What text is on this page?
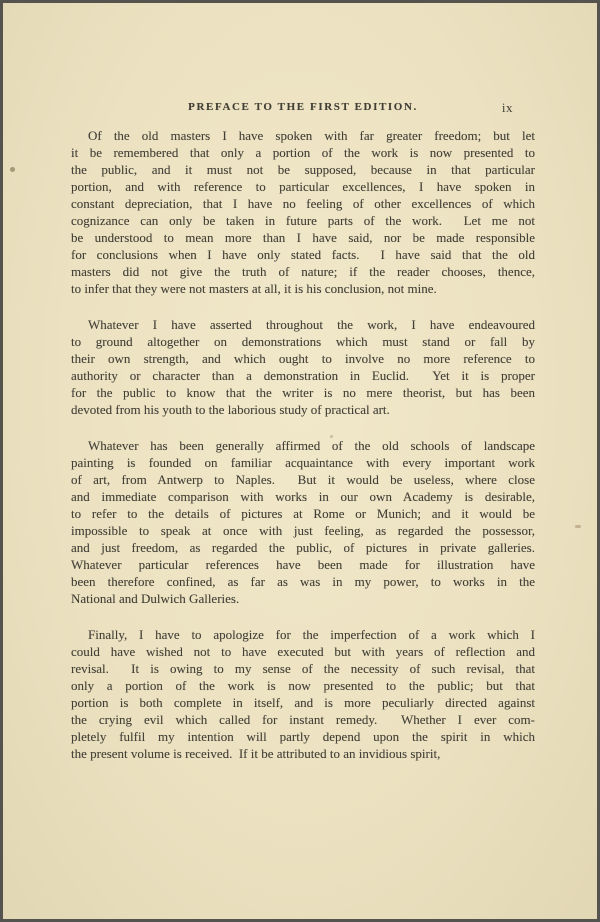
PREFACE TO THE FIRST EDITION.	ix

Of the old masters I have spoken with far greater freedom; but let
it be remembered that only a portion of the work is now presented to
the public, and it must not be supposed, because in that particular
portion, and with reference to particular excellences, I have spoken in
constant depreciation, that I have no feeling of other excellences of which
cognizance can only be taken in future parts of the work.  Let me not
be understood to mean more than I have said, nor be made responsible
for conclusions when I have only stated facts.  I have said that the old
masters did not give the truth of nature; if the reader chooses, thence,
to infer that they were not masters at all, it is his conclusion, not mine.

Whatever I have asserted throughout the work, I have endeavoured
to ground altogether on demonstrations which must stand or fall by
their own strength, and which ought to involve no more reference to
authority or character than a demonstration in Euclid.  Yet it is proper
for the public to know that the writer is no mere theorist, but has been
devoted from his youth to the laborious study of practical art.

Whatever has been generally affirmed of the old schools of landscape
painting is founded on familiar acquaintance with every important work
of art, from Antwerp to Naples.  But it would be useless, where close
and immediate comparison with works in our own Academy is desirable,
to refer to the details of pictures at Rome or Munich; and it would be
impossible to speak at once with just feeling, as regarded the possessor,
and just freedom, as regarded the public, of pictures in private galleries.
Whatever particular references have been made for illustration have
been therefore confined, as far as was in my power, to works in the
National and Dulwich Galleries.

Finally, I have to apologize for the imperfection of a work which I
could have wished not to have executed but with years of reflection and
revisal.  It is owing to my sense of the necessity of such revisal, that
only a portion of the work is now presented to the public; but that
portion is both complete in itself, and is more peculiarly directed against
the crying evil which called for instant remedy.  Whether I ever com-
pletely fulfil my intention will partly depend upon the spirit in which
the present volume is received.  If it be attributed to an invidious spirit,
